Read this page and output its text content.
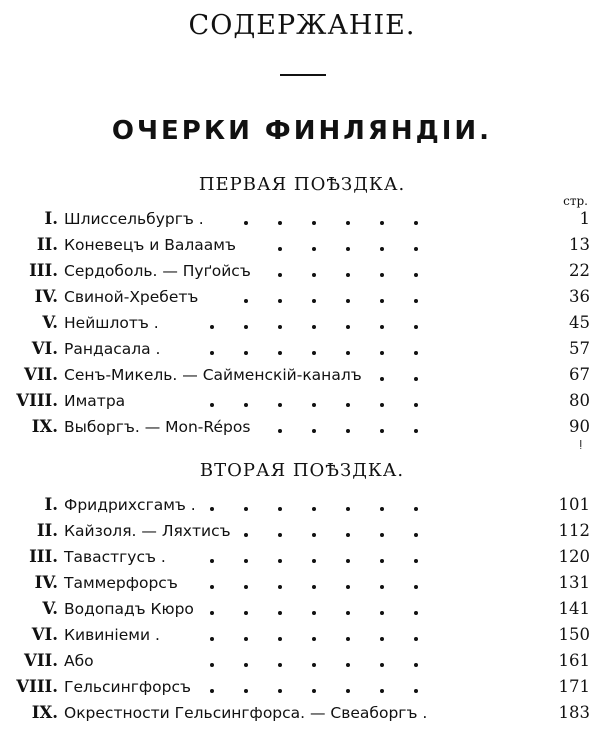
СОДЕРЖАНІЕ.
ОЧЕРКИ ФИНЛЯНДІИ.
ПЕРВАЯ ПОѢЗДКА.
стр.
I. Шлиссельбургъ .	1
II. Коневецъ и Валаамъ	13
III. Сердоболь. — Пуґойсъ	22
IV. Свиной-Хребетъ	36
V. Нейшлотъ .	45
VI. Рандасала .	57
VII. Сенъ-Микель. — Сайменскій-каналъ	67
VIII. Иматра	80
IX. Выборгъ. — Mon-Répos	90
ǃ
ВТОРАЯ ПОѢЗДКА.
I. Фридрихсгамъ .	101
II. Кайзоля. — Ляхтисъ	112
III. Тавастгусъ .	120
IV. Таммерфорсъ	131
V. Водопадъ Кюро	141
VI. Кивиніеми .	150
VII. Або	161
VIII. Гельсингфорсъ	171
IX. Окрестности Гельсингфорса. — Свеаборгъ .	183
